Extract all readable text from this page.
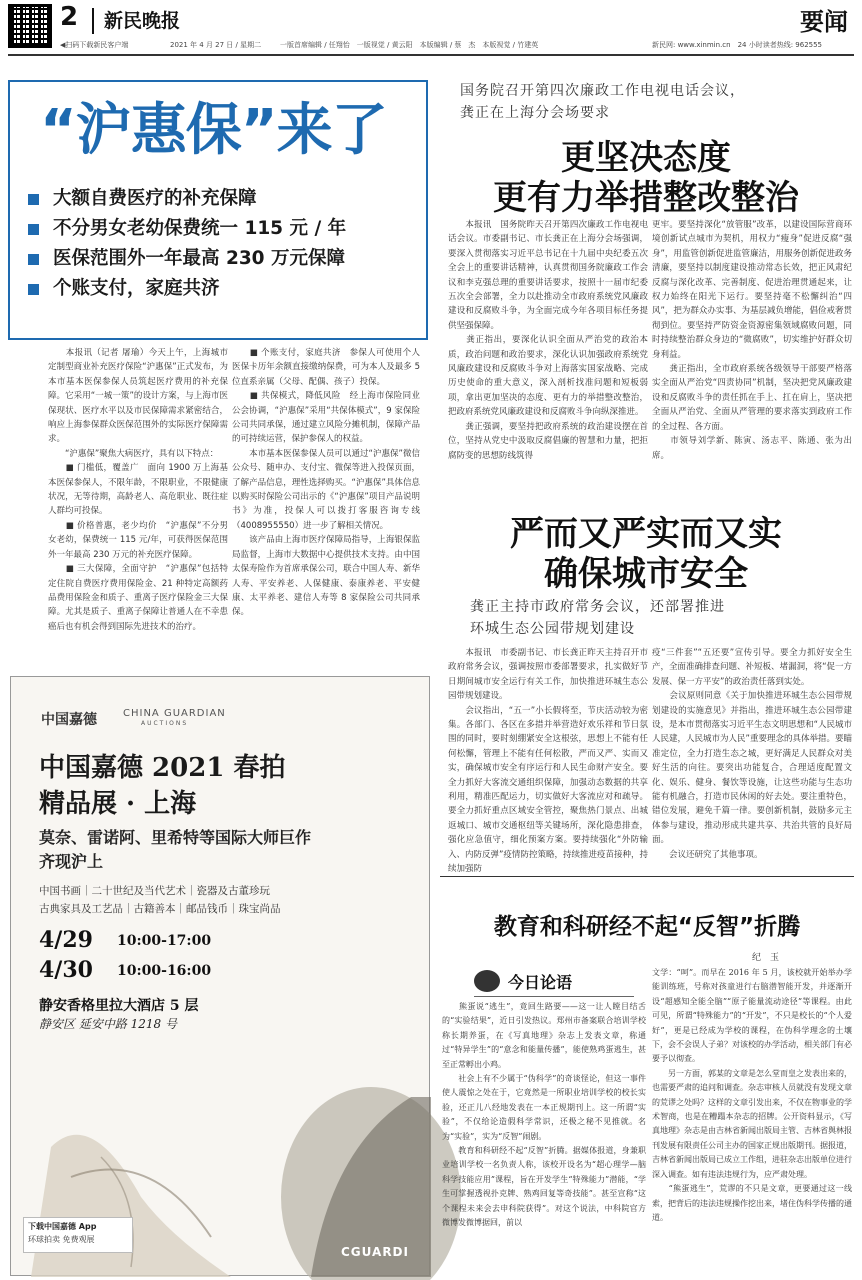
2 新民晚报	要闻
◀扫码下载新民客户端	2021 年 4 月 27 日 / 星期二	一版首席编辑 / 任翔怡　一版视觉 / 黄云阳　本版编辑 / 蔡　杰　本版视觉 / 竹建英	新民网: www.xinmin.cn　24 小时读者热线: 962555
“沪惠保”来了
大额自费医疗的补充保障
不分男女老幼保费统一 115 元 / 年
医保范围外一年最高 230 万元保障
个账支付，家庭共济
　　本报讯（记者 屠瑜）今天上午，上海城市定制型商业补充医疗保险“沪惠保”正式发布，为本市基本医保参保人员筑起医疗费用的补充保障。它采用“一城一策”的设计方案，与上海市医保现状、医疗水平以及市民保障需求紧密结合，响应上海参保群众医保范围外的实际医疗保障需求。
　　“沪惠保”聚焦大病医疗，具有以下特点：
　　■ 门槛低，覆盖广　面向 1900 万上海基本医保参保人，不限年龄，不限职业，不限健康状况，无等待期，高龄老人、高危职业、既往症人群均可投保。
　　■ 价格普惠，老少均价　“沪惠保”不分男女老幼，保费统一 115 元/年，可获得医保范围外一年最高 230 万元的补充医疗保障。
　　■ 三大保障，全面守护　“沪惠保”包括特定住院自费医疗费用保险金、21 种特定高额药品费用保险金和质子、重离子医疗保险金三大保障。尤其是质子、重离子保障让普通人在不幸患癌后也有机会得到国际先进技术的治疗。
　　■ 个账支付，家庭共济　参保人可使用个人医保卡历年余额直接缴纳保费，可为本人及最多 5 位直系亲属（父母、配偶、孩子）投保。
　　■ 共保模式，降低风险　经上海市保险同业公会协调，“沪惠保”采用“共保体模式”，9 家保险公司共同承保，通过建立风险分摊机制，保障产品的可持续运营，保护参保人的权益。
　　本市基本医保参保人员可以通过“沪惠保”微信公众号、随申办、支付宝、微保等进入投保页面，了解产品信息，理性选择购买。“沪惠保”具体信息以购买时保险公司出示的《“沪惠保”项目产品说明书》为准，投保人可以拨打客服咨询专线（4008955550）进一步了解相关情况。
　　该产品由上海市医疗保障局指导，上海银保监局监督，上海市大数据中心提供技术支持。由中国太保寿险作为首席承保公司，联合中国人寿、新华人寿、平安养老、人保健康、泰康养老、平安健康、太平养老、建信人寿等 8 家保险公司共同承保。
国务院召开第四次廉政工作电视电话会议，
龚正在上海分会场要求
更坚决态度
更有力举措整改整治
　　本报讯　国务院昨天召开第四次廉政工作电视电话会议。市委副书记、市长龚正在上海分会场强调，要深入贯彻落实习近平总书记在十九届中央纪委五次全会上的重要讲话精神，认真贯彻国务院廉政工作会议和李克强总理的重要讲话要求，按照十一届市纪委五次全会部署，全力以赴推动全市政府系统党风廉政建设和反腐败斗争，为全面完成今年各项目标任务提供坚强保障。
　　龚正指出，要深化认识全面从严治党的政治本质，政治问题和政治要求，深化认识加强政府系统党风廉政建设和反腐败斗争对上海落实国家战略、完成历史使命的重大意义，深入剖析找准问题和短板弱项，拿出更加坚决的态度、更有力的举措整改整治，把政府系统党风廉政建设和反腐败斗争向纵深推进。
　　龚正强调，要坚持把政府系统的政治建设摆在首位，坚持从党史中汲取反腐倡廉的智慧和力量，把拒腐防变的思想防线筑得
更牢。要坚持深化“放管服”改革，以建设国际营商环境创新试点城市为契机，用权力“瘦身”促进反腐“强身”，用监管创新促进监管廉洁，用服务创新促进政务清廉，要坚持以制度建设推动常态长效，把正风肃纪反腐与深化改革、完善制度、促进治理贯通起来，让权力始终在阳光下运行。要坚持毫不松懈纠治“四风”，把为群众办实事、为基层减负增能，倡俭戒奢贯彻到位。要坚持严防资金资源密集领域腐败问题，同时持续整治群众身边的“微腐败”，切实维护好群众切身利益。
　　龚正指出，全市政府系统各级领导干部要严格落实全面从严治党“四责协同”机制，坚决把党风廉政建设和反腐败斗争的责任抓在手上、扛在肩上，坚决把全面从严治党、全面从严管理的要求落实到政府工作的全过程、各方面。
　　市领导刘学新、陈寅、汤志平、陈通、张为出席。
严而又严实而又实
确保城市安全
龚正主持市政府常务会议，还部署推进
环城生态公园带规划建设
　　本报讯　市委副书记、市长龚正昨天主持召开市政府常务会议，强调按照市委部署要求，扎实做好节日期间城市安全运行有关工作，加快推进环城生态公园带规划建设。
　　会议指出，“五一”小长假将至，节庆活动较为密集。各部门、各区在多措并举营造好欢乐祥和节日氛围的同时，要时刻绷紧安全这根弦，思想上不能有任何松懈，管理上不能有任何松散，严而又严、实而又实，确保城市安全有序运行和人民生命财产安全。要全力抓好大客流交通组织保障，加强动态数据的共享利用，精准匹配运力，切实做好大客流应对和疏导。要全力抓好重点区域安全管控，聚焦热门景点、出城返城口、城市交通枢纽等关键场所，深化隐患排查，强化应急值守，细化预案方案。要持续强化“外防输入、内防反弹”疫情防控策略，持续推进疫苗接种，持续加强防
疫“三件套”“五还要”宣传引导。要全力抓好安全生产，全面准确排查问题、补短板、堵漏洞，将“促一方发展、保一方平安”的政治责任落到实处。
　　会议原则同意《关于加快推进环城生态公园带规划建设的实施意见》并指出，推进环城生态公园带建设，是本市贯彻落实习近平生态文明思想和“人民城市人民建，人民城市为人民”重要理念的具体举措。要瞄准定位，全力打造生态之城，更好满足人民群众对美好生活的向往。要突出功能复合，合理适度配置文化、娱乐、健身、餐饮等设施，让这些功能与生态功能有机融合，打造市民休闲的好去处。要注重特色，错位发展，避免千篇一律。要创新机制，鼓励多元主体参与建设，推动形成共建共享、共治共管的良好局面。
　　会议还研究了其他事项。
中国嘉德	CHINA GUARDIAN
AUCTIONS
中国嘉德 2021 春拍
精品展 · 上海
莫奈、雷诺阿、里希特等国际大师巨作
齐现沪上
中国书画｜二十世纪及当代艺术｜瓷器及古董珍玩
古典家具及工艺品｜古籍善本｜邮品钱币｜珠宝尚品
4/29 10:00-17:00
4/30 10:00-16:00
静安香格里拉大酒店 5 层
静安区 延安中路 1218 号
下载中国嘉德 App
环球拍卖 免费观展
CGUARDI
教育和科研经不起“反智”折腾
纪　玉
今日论语
　　熊蛋说“逃生”，竟回生路要——这一让人瞠目结舌的“实验结果”，近日引发热议。郑州市备案联合培训学校称长期养蛋，在《写真地理》杂志上发表文章，称通过“特异学生”的“意念和能量传播”，能使熟鸡蛋逃生，甚至正常孵出小鸡。
　　社会上有不少属于“伪科学”的奇谈怪论，但这一事件使人震惊之处在于，它竟然是一所职业培训学校的校长实验，还正儿八经地发表在一本正规期刊上。这一所谓“实验”，不仅给论造假科学常识，还极之秘不见推就。名为“实验”，实为“反智”闹剧。
　　教育和科研经不起“反智”折腾。据媒体报道，身兼职业培训学校一名负责人称，该校开设名为“超心理学—脑科学技能应用”课程，旨在开发学生“特殊能力”潜能，“学生可掌握透视扑克牌、熟鸡回复等奇技能”。甚至宣称“这个课程未来会去申科院获得”。对这个说法，中科院官方微博发微博据回，前以
文学：“呵”。而早在 2016 年 5 月，该校就开始举办学能训练班，号称对孩童进行右脑潜智能开发，并逐渐开设“超感知全能全脑”“原子能量流动途径”等课程。由此可见，所谓“特殊能力”的“开发”，不只是校长的“个人爱好”，更是已经成为学校的课程，在伪科学理念的土壤下，会不会误人子弟？对该校的办学活动，相关部门有必要予以彻查。
　　另一方面，郭某的文章是怎么堂而皇之发表出来的，也需要严肃的追问和调查。杂志审核人员就没有发现文章的荒谬之处吗？这样的文章引发出来，不仅在物事业的学术智商，也是在糟蹋本杂志的招牌。公开资料显示，《写真地理》杂志是由吉林省新闻出版局主管、吉林省舆林报刊发展有限责任公司主办的国家正规出版期刊。据报道，吉林省新闻出版局已成立工作组，进驻杂志出版单位进行深入调查。如有违法违规行为，应严肃处理。
　　“熊蛋逃生”，荒谬的不只是文章，更要通过这一线索，把背后的违法违规操作挖出来，堵住伪科学传播的通道。
